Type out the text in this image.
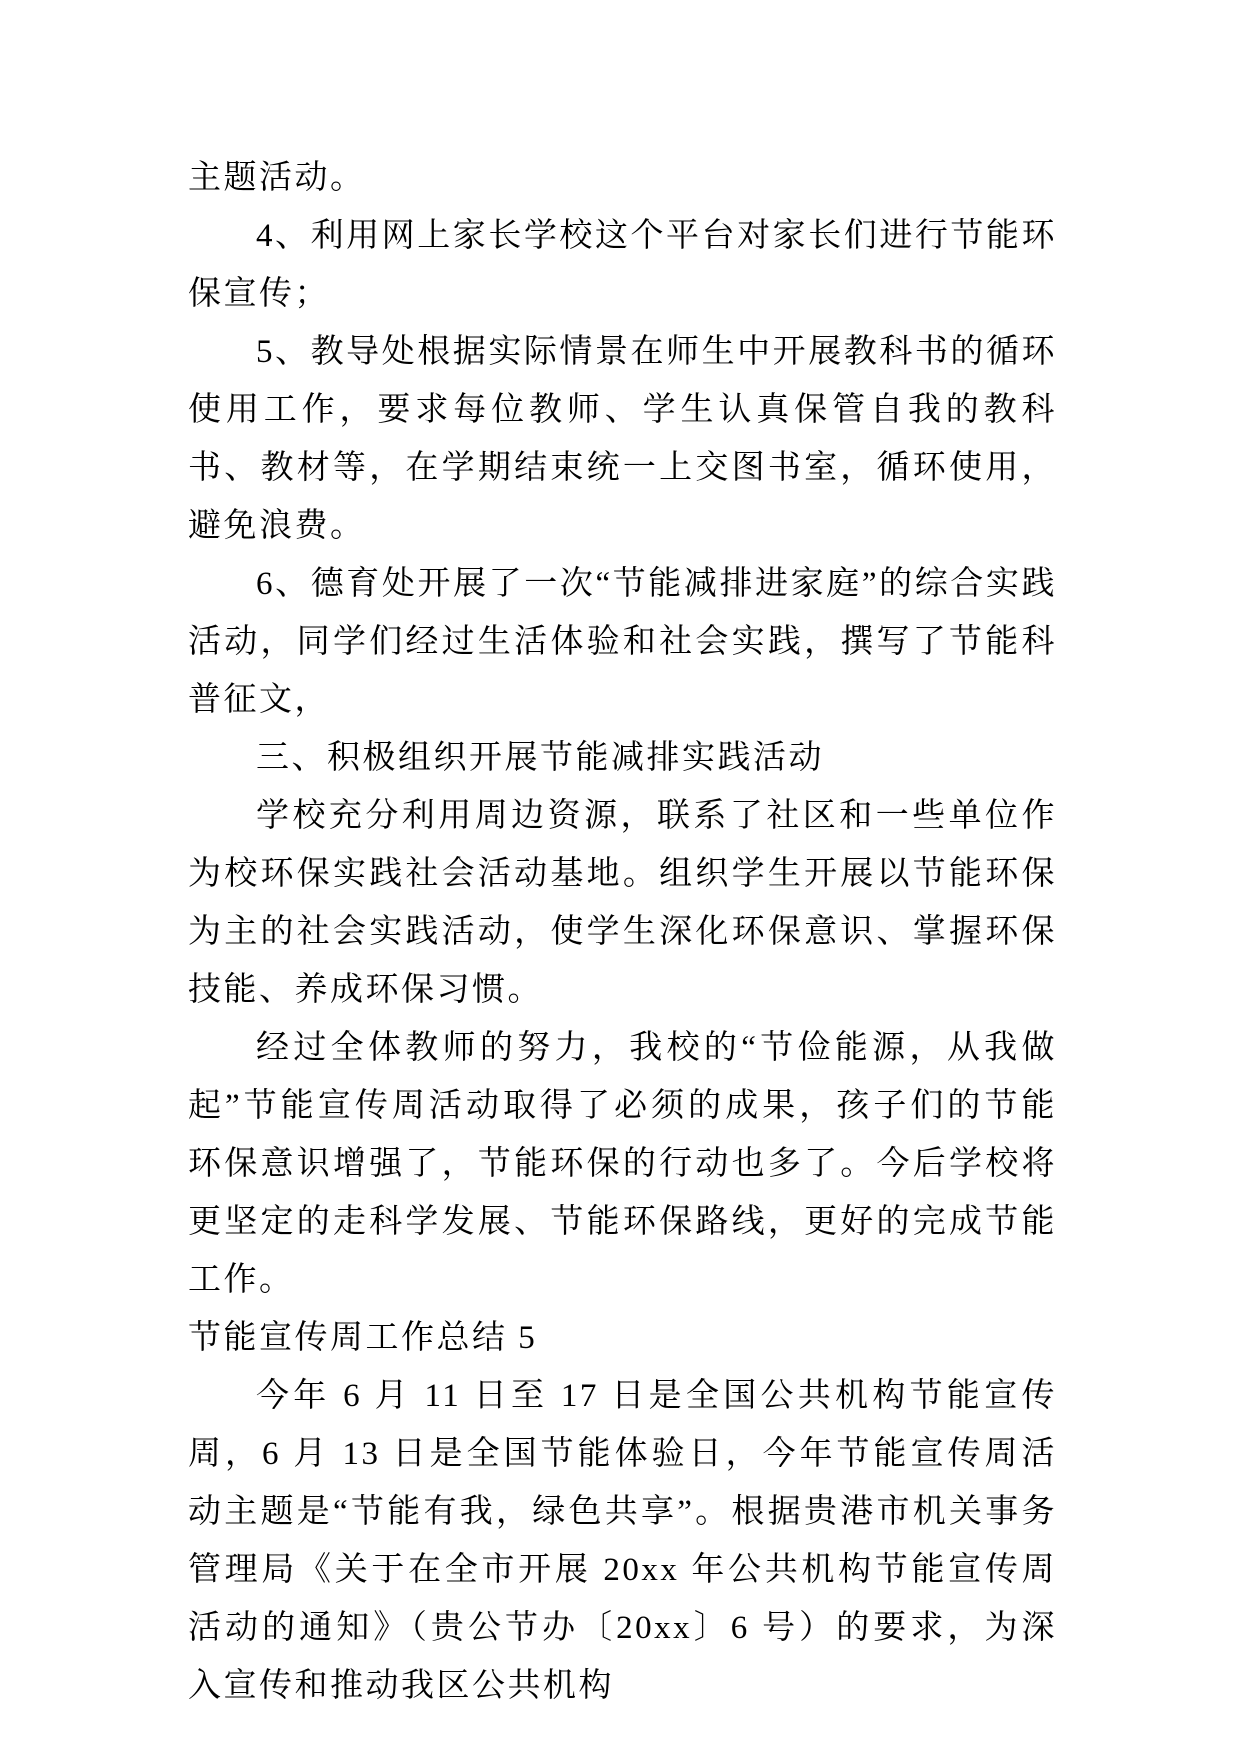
主题活动。

4、利用网上家长学校这个平台对家长们进行节能环保宣传；

5、教导处根据实际情景在师生中开展教科书的循环使用工作，要求每位教师、学生认真保管自我的教科书、教材等，在学期结束统一上交图书室，循环使用，避免浪费。

6、德育处开展了一次“节能减排进家庭”的综合实践活动，同学们经过生活体验和社会实践，撰写了节能科普征文，

三、积极组织开展节能减排实践活动

学校充分利用周边资源，联系了社区和一些单位作为校环保实践社会活动基地。组织学生开展以节能环保为主的社会实践活动，使学生深化环保意识、掌握环保技能、养成环保习惯。

经过全体教师的努力，我校的“节俭能源，从我做起”节能宣传周活动取得了必须的成果，孩子们的节能环保意识增强了，节能环保的行动也多了。今后学校将更坚定的走科学发展、节能环保路线，更好的完成节能工作。

节能宣传周工作总结 5

今年 6 月 11 日至 17 日是全国公共机构节能宣传周，6 月 13 日是全国节能体验日，今年节能宣传周活动主题是“节能有我，绿色共享”。根据贵港市机关事务管理局《关于在全市开展 20xx 年公共机构节能宣传周活动的通知》（贵公节办〔20xx〕6 号）的要求，为深入宣传和推动我区公共机构
